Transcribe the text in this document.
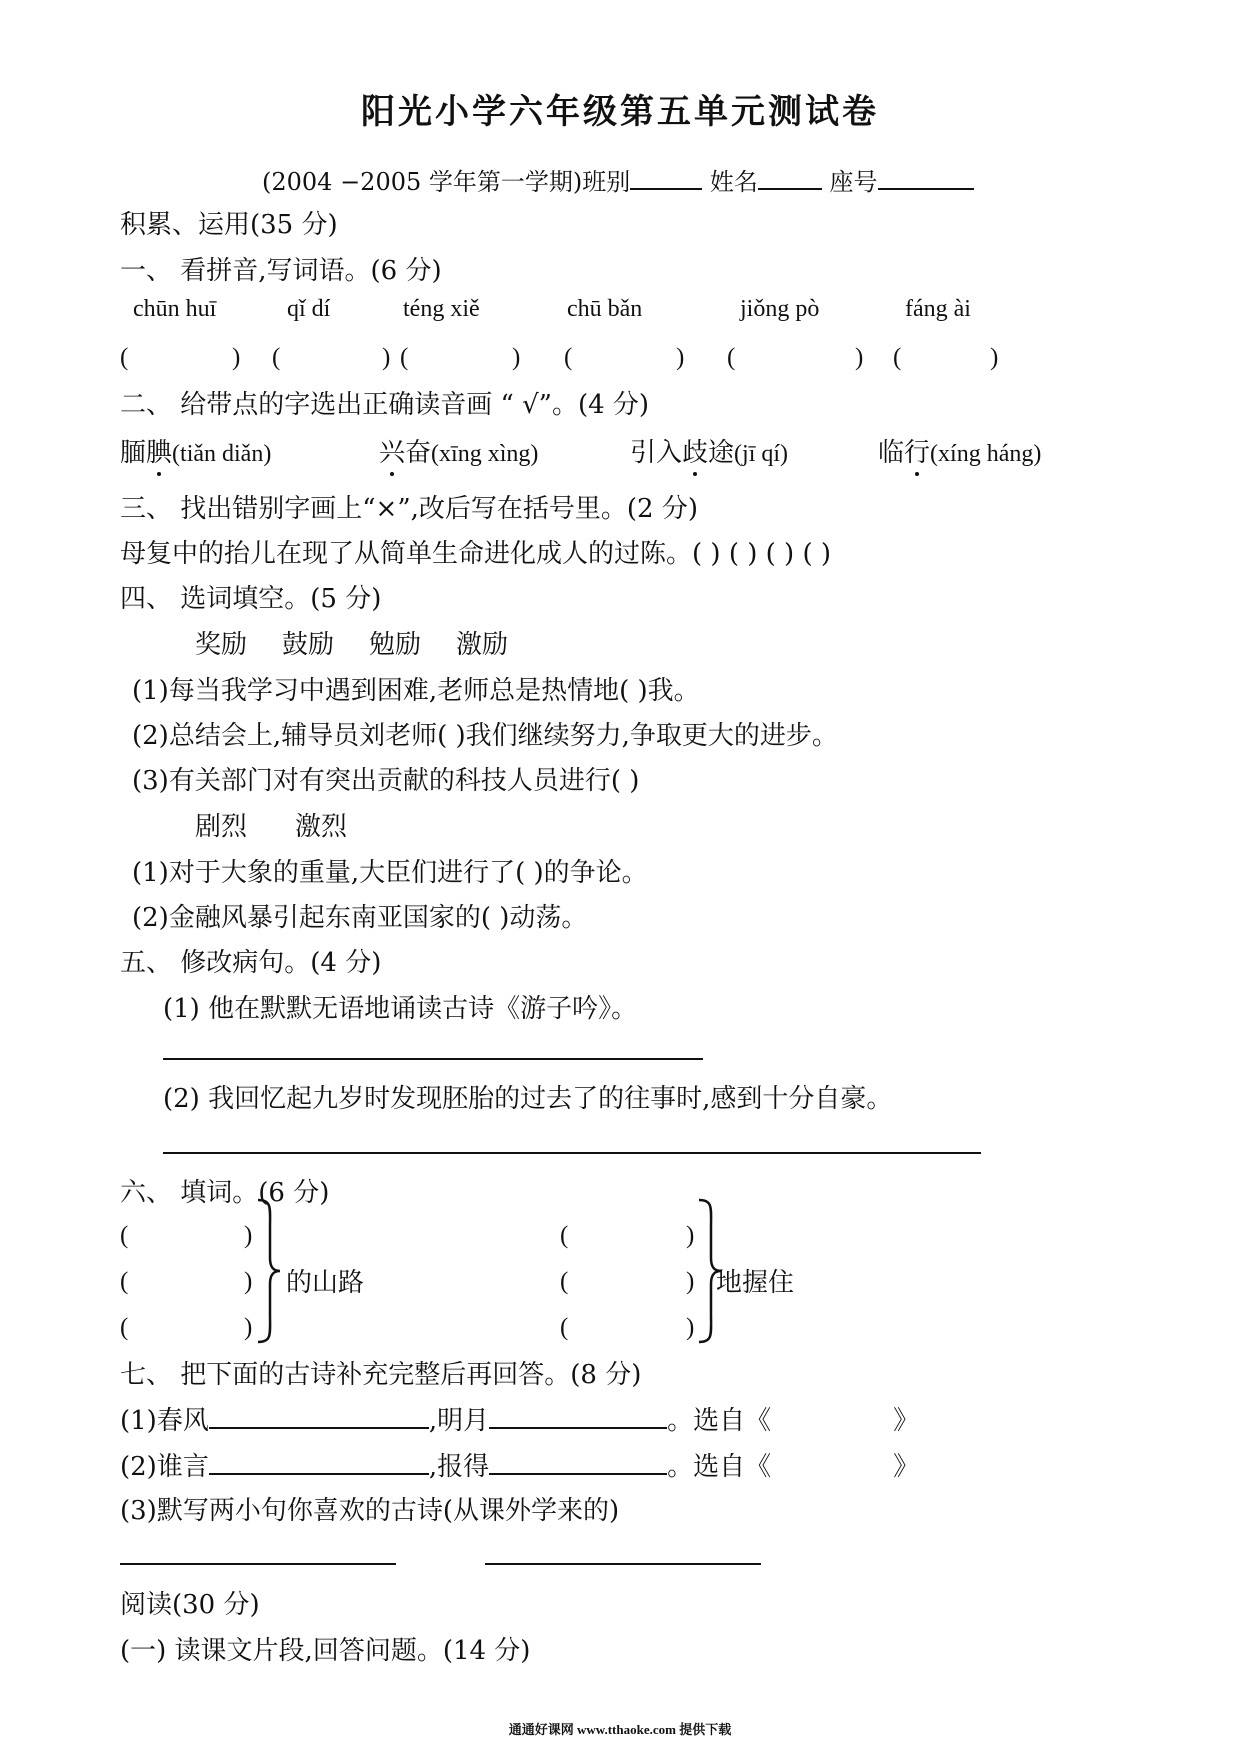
阳光小学六年级第五单元测试卷
(2004 −2005 学年第一学期)班别	姓名	座号
积累、运用(35 分)
一、 看拼音,写词语。(6 分)
chūn huī	qǐ dí	téng xiě	chū bǎn	jiǒng pò	fáng ài
(	) (	) (	) (	) (	) (	)
二、 给带点的字选出正确读音画 “ √”。(4 分)
腼腆(tiǎn diǎn)	兴奋(xīng xìng)	引入歧途(jī qí)	临行(xíng háng)
三、 找出错别字画上“×”,改后写在括号里。(2 分)
母复中的抬儿在现了从简单生命进化成人的过陈。( ) ( ) ( ) ( )
四、 选词填空。(5 分)
奖励 鼓励 勉励 激励
(1)每当我学习中遇到困难,老师总是热情地( )我。
(2)总结会上,辅导员刘老师( )我们继续努力,争取更大的进步。
(3)有关部门对有突出贡献的科技人员进行( )
剧烈 激烈
(1)对于大象的重量,大臣们进行了( )的争论。
(2)金融风暴引起东南亚国家的( )动荡。
五、 修改病句。(4 分)
(1) 他在默默无语地诵读古诗《游子吟》。
(2) 我回忆起九岁时发现胚胎的过去了的往事时,感到十分自豪。
六、 填词。(6 分)
(	)
(	)
(	)
的山路
(	)
(	)
(	)
地握住
七、 把下面的古诗补充完整后再回答。(8 分)
(1)春风	,明月	。选自《	》
(2)谁言	,报得	。选自《	》
(3)默写两小句你喜欢的古诗(从课外学来的)
阅读(30 分)
(一) 读课文片段,回答问题。(14 分)
通通好课网 www.tthaoke.com 提供下载
